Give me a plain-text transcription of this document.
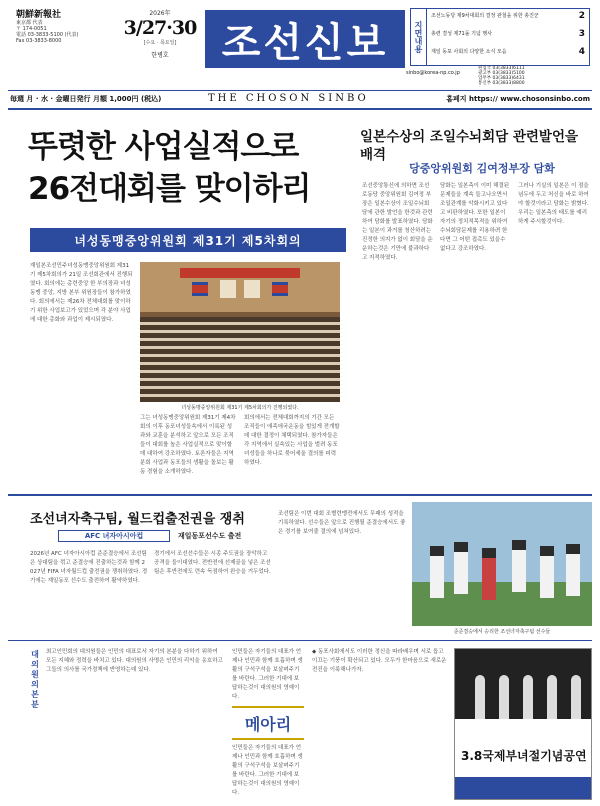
朝鮮新報社
東京都 代表
〒 174-0051
電話 03-3833-5100 (代表)
Fax 03-3833-8000
2026年
3/27·30
[수요 · 목요일]
한병호	조선신보
sinbo@korea-np.co.jp
지면내용
조선노동당 제9차대회의 결정 관철을 위한 총진군	2
총련 결성 제71돌 기념 행사	3
재일 동포 사회의 다양한 소식 모음	4
편집국 03(3833)6111
광고부 03(3833)5100
업무부 03(3833)6431
통신부 03(3833)8800
毎週 月 · 水 · 金曜日発行 月額 1,000円 (税込)	THE CHOSON SINBO	홈페지 https:// www.chosonsinbo.com
뚜렷한 사업실적으로
26전대회를 맞이하리
녀성동맹중앙위원회 제31기 제5차회의

재일본조선민주녀성동맹중앙위원회 제31기 제5차회의가 21일 조선회관에서 진행되였다. 회의에는 총련중앙 한 부의장과 녀성동맹 중앙, 지방 본부 위원장들이 참가하였다. 회의에서는 제26차 전체대회를 맞이하기 위한 사업보고가 있었으며 각 분야 사업에 대한 총화와 과업이 제시되였다.

녀성동맹중앙위원회 제31기 제5차회의가 진행되였다.

그는 녀성동맹중앙위원회 제31기 제4차회의 이후 동포녀성들속에서 이룩된 성과와 교훈을 분석하고 앞으로 모든 조직들이 대회를 높은 사업실적으로 맞이할데 대하여 강조하였다. 토론자들은 지역 분회 사업과 동포들의 생활을 돌보는 활동 경험을 소개하였다.

회의에서는 전체대회까지의 기간 모든 조직들이 애족애국운동을 힘있게 전개할데 대한 결정이 채택되였다. 참가자들은 각 지역에서 실속있는 사업을 벌려 동포녀성들을 하나로 묶어세울 결의를 피력하였다.

일본수상의 조일수뇌회담 관련발언을 배격
당중앙위원회 김여정부장 담화

조선중앙통신에 의하면 조선로동당 중앙위원회 김여정 부장은 일본수상이 조일수뇌회담에 관한 발언을 한것과 관련하여 담화를 발표하였다. 담화는 일본이 과거를 청산하려는 진정한 의지가 없이 회담을 운운하는것은 기만에 불과하다고 지적하였다.

담화는 일본측이 이미 해결된 문제들을 계속 들고나오면서 조일관계를 악화시키고 있다고 비판하였다. 또한 일본이 자기의 정치적목적을 위하여 수뇌회담문제를 리용하려 한다면 그 어떤 접촉도 있을수 없다고 강조하였다.

그러나 기실의 일본은 이 점을 념두에 두고 처신을 바로 하여야 할것이라고 담화는 밝혔다. 우리는 일본측의 태도를 예리하게 주시할것이다.

조선녀자축구팀, 월드컵출전권을 쟁취
AFC 녀자아시아컵	재일동포선수도 출전

2026년 AFC 녀자아시아컵 준준결승에서 조선팀은 상대팀을 꺾고 준결승에 진출하는것과 함께 2027년 FIFA 녀자월드컵 출전권을 쟁취하였다. 경기에는 재일동포 선수도 출전하여 활약하였다.

경기에서 조선선수들은 시종 주도권을 장악하고 공격을 들이대였다. 전반전에 선제골을 넣은 조선팀은 후반전에도 련속 득점하여 완승을 거두었다.

조선팀은 이번 대회 조별련맹전에서도 무패의 성적을 기록하였다. 선수들은 앞으로 진행될 준결승에서도 좋은 경기를 보여줄 결의에 넘쳐있다.

준준결승에서 승리한 조선녀자축구팀 선수들
대의원의 본분

최고인민회의 대의원들은 인민의 대표로서 자기의 본분을 다하기 위하여 모든 지혜와 정력을 바치고 있다. 대의원의 사명은 인민의 리익을 옹호하고 그들의 의사를 국가정책에 반영하는데 있다.

인민들은 자기들의 대표가 언제나 인민과 함께 호흡하며 생활의 구석구석을 보살펴주기를 바란다. 그러한 기대에 보답하는것이 대의원의 영예이다.

메아리

인민들은 자기들의 대표가 언제나 인민과 함께 호흡하며 생활의 구석구석을 보살펴주기를 바란다. 그러한 기대에 보답하는것이 대의원의 영예이다.

◆ 동포사회에서도 이러한 정신을 따라배우며 서로 돕고 이끄는 기풍이 확산되고 있다. 모두가 한마음으로 새로운 전진을 이룩해나가자.

3.8국제부녀절기념공연
